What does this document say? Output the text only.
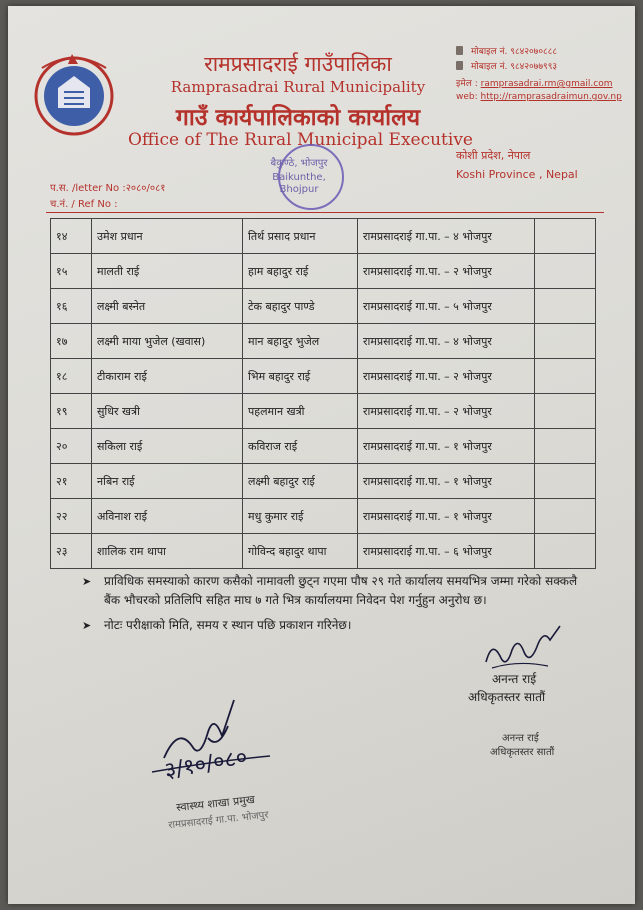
रामप्रसादराई गाउँपालिका
Ramprasadrai Rural Municipality
गाउँ कार्यपालिकाको कार्यालय
Office of The Rural Municipal Executive
बैकुण्ठे, भोजपुर
Baikunthe, Bhojpur
मोबाइल नं. ९८४२०७०८८८
मोबाइल नं. ९८४२०७७९९३
इमेल : ramprasadrai.rm@gmail.com
web: http://ramprasadraimun.gov.np
कोशी प्रदेश, नेपाल
Koshi Province , Nepal
प.स. /letter No :२०८०/०८१
च.नं. / Ref No :
१४	उमेश प्रधान	तिर्थ प्रसाद प्रधान	रामप्रसादराई गा.पा. – ४ भोजपुर	
१५	मालती राई	हाम बहादुर राई	रामप्रसादराई गा.पा. – २ भोजपुर	
१६	लक्ष्मी बस्नेत	टेक बहादुर पाण्डे	रामप्रसादराई गा.पा. – ५ भोजपुर	
१७	लक्ष्मी माया भुजेल (खवास)	मान बहादुर भुजेल	रामप्रसादराई गा.पा. – ४ भोजपुर	
१८	टीकाराम राई	भिम बहादुर राई	रामप्रसादराई गा.पा. – २ भोजपुर	
१९	सुधिर खत्री	पहलमान खत्री	रामप्रसादराई गा.पा. – २ भोजपुर	
२०	सकिला राई	कविराज राई	रामप्रसादराई गा.पा. – १ भोजपुर	
२१	नबिन राई	लक्ष्मी बहादुर राई	रामप्रसादराई गा.पा. – १ भोजपुर	
२२	अविनाश राई	मधु कुमार राई	रामप्रसादराई गा.पा. – १ भोजपुर	
२३	शालिक राम थापा	गोविन्द बहादुर थापा	रामप्रसादराई गा.पा. – ६ भोजपुर	
➤ प्राविधिक समस्याको कारण कसैको नामावली छुट्न गएमा पौष २९ गते कार्यालय समयभित्र जम्मा गरेको सक्कलै बैंक भौचरको प्रतिलिपि सहित माघ ७ गते भित्र कार्यालयमा निवेदन पेश गर्नुहुन अनुरोध छ।
➤ नोटः परीक्षाको मिति, समय र स्थान पछि प्रकाशन गरिनेछ।
अनन्त राई
अधिकृतस्तर सातौं
अनन्त राई
अधिकृतस्तर सातौं
३/१०/०८०
स्वास्थ्य शाखा प्रमुख
रामप्रसादराई गा.पा. भोजपुर
